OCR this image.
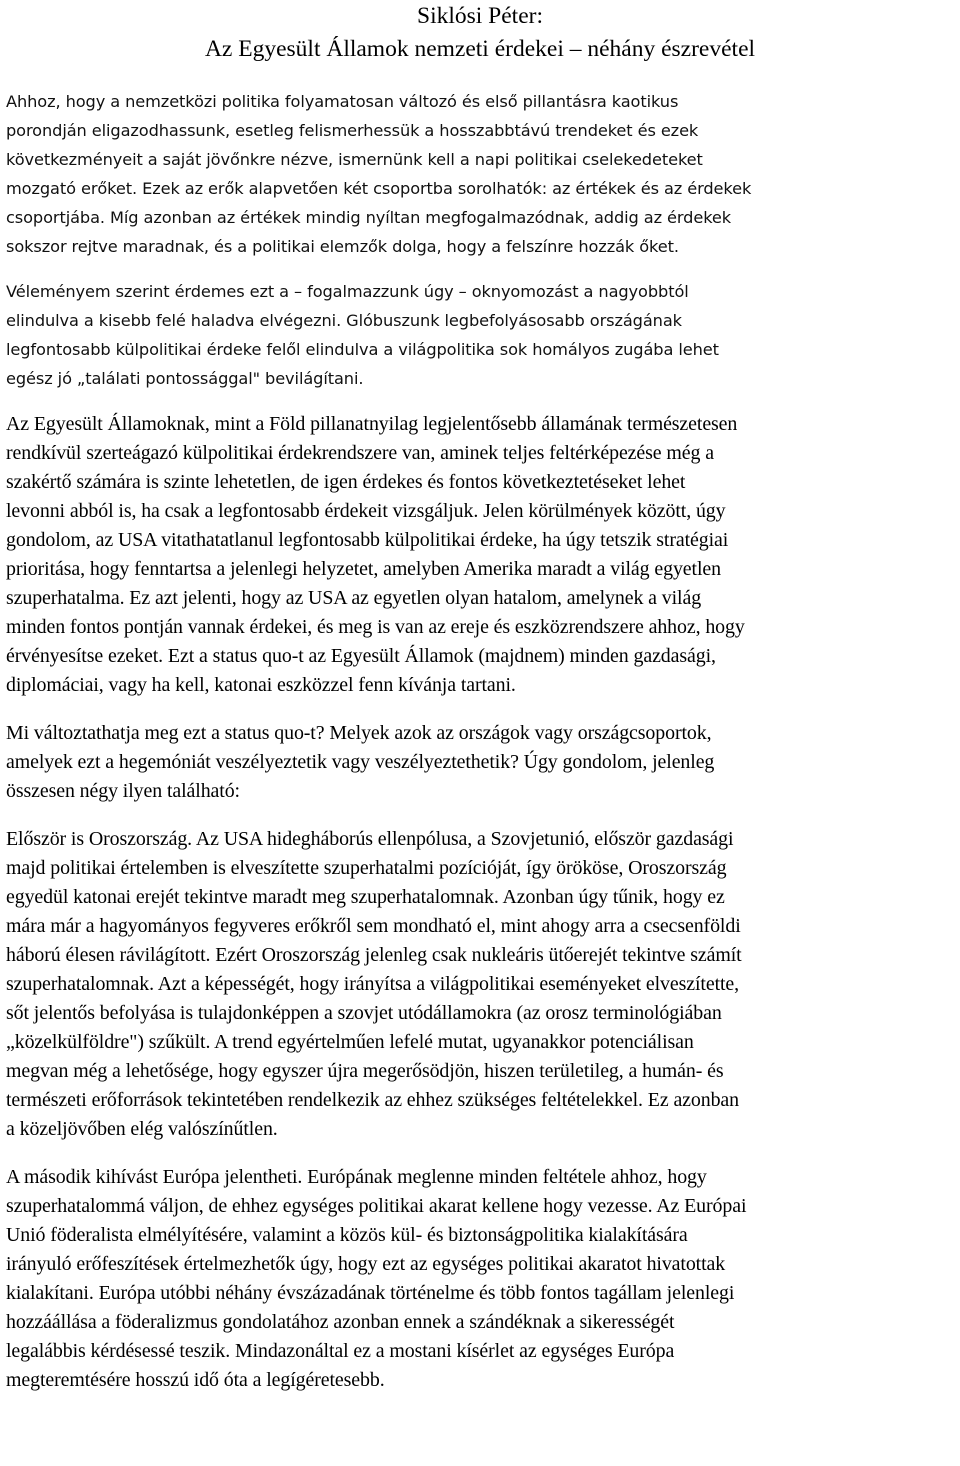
Siklósi Péter:
Az Egyesült Államok nemzeti érdekei – néhány észrevétel

Ahhoz, hogy a nemzetközi politika folyamatosan változó és első pillantásra kaotikus
porondján eligazodhassunk, esetleg felismerhessük a hosszabbtávú trendeket és ezek
következményeit a saját jövőnkre nézve, ismernünk kell a napi politikai cselekedeteket
mozgató erőket. Ezek az erők alapvetően két csoportba sorolhatók: az értékek és az érdekek
csoportjába. Míg azonban az értékek mindig nyíltan megfogalmazódnak, addig az érdekek
sokszor rejtve maradnak, és a politikai elemzők dolga, hogy a felszínre hozzák őket.

Véleményem szerint érdemes ezt a – fogalmazzunk úgy – oknyomozást a nagyobbtól
elindulva a kisebb felé haladva elvégezni. Glóbuszunk legbefolyásosabb országának
legfontosabb külpolitikai érdeke felől elindulva a világpolitika sok homályos zugába lehet
egész jó „találati pontossággal" bevilágítani.

Az Egyesült Államoknak, mint a Föld pillanatnyilag legjelentősebb államának természetesen
rendkívül szerteágazó külpolitikai érdekrendszere van, aminek teljes feltérképezése még a
szakértő számára is szinte lehetetlen, de igen érdekes és fontos következtetéseket lehet
levonni abból is, ha csak a legfontosabb érdekeit vizsgáljuk. Jelen körülmények között, úgy
gondolom, az USA vitathatatlanul legfontosabb külpolitikai érdeke, ha úgy tetszik stratégiai
prioritása, hogy fenntartsa a jelenlegi helyzetet, amelyben Amerika maradt a világ egyetlen
szuperhatalma. Ez azt jelenti, hogy az USA az egyetlen olyan hatalom, amelynek a világ
minden fontos pontján vannak érdekei, és meg is van az ereje és eszközrendszere ahhoz, hogy
érvényesítse ezeket. Ezt a status quo-t az Egyesült Államok (majdnem) minden gazdasági,
diplomáciai, vagy ha kell, katonai eszközzel fenn kívánja tartani.

Mi változtathatja meg ezt a status quo-t? Melyek azok az országok vagy országcsoportok,
amelyek ezt a hegemóniát veszélyeztetik vagy veszélyeztethetik? Úgy gondolom, jelenleg
összesen négy ilyen található:

Először is Oroszország. Az USA hidegháborús ellenpólusa, a Szovjetunió, először gazdasági
majd politikai értelemben is elveszítette szuperhatalmi pozícióját, így örököse, Oroszország
egyedül katonai erejét tekintve maradt meg szuperhatalomnak. Azonban úgy tűnik, hogy ez
mára már a hagyományos fegyveres erőkről sem mondható el, mint ahogy arra a csecsenföldi
háború élesen rávilágított. Ezért Oroszország jelenleg csak nukleáris ütőerejét tekintve számít
szuperhatalomnak. Azt a képességét, hogy irányítsa a világpolitikai eseményeket elveszítette,
sőt jelentős befolyása is tulajdonképpen a szovjet utódállamokra (az orosz terminológiában
„közelkülföldre") szűkült. A trend egyértelműen lefelé mutat, ugyanakkor potenciálisan
megvan még a lehetősége, hogy egyszer újra megerősödjön, hiszen területileg, a humán- és
természeti erőforrások tekintetében rendelkezik az ehhez szükséges feltételekkel. Ez azonban
a közeljövőben elég valószínűtlen.

A második kihívást Európa jelentheti. Európának meglenne minden feltétele ahhoz, hogy
szuperhatalommá váljon, de ehhez egységes politikai akarat kellene hogy vezesse. Az Európai
Unió föderalista elmélyítésére, valamint a közös kül- és biztonságpolitika kialakítására
irányuló erőfeszítések értelmezhetők úgy, hogy ezt az egységes politikai akaratot hivatottak
kialakítani. Európa utóbbi néhány évszázadának történelme és több fontos tagállam jelenlegi
hozzáállása a föderalizmus gondolatához azonban ennek a szándéknak a sikerességét
legalábbis kérdésessé teszik. Mindazonáltal ez a mostani kísérlet az egységes Európa
megteremtésére hosszú idő óta a legígéretesebb.
